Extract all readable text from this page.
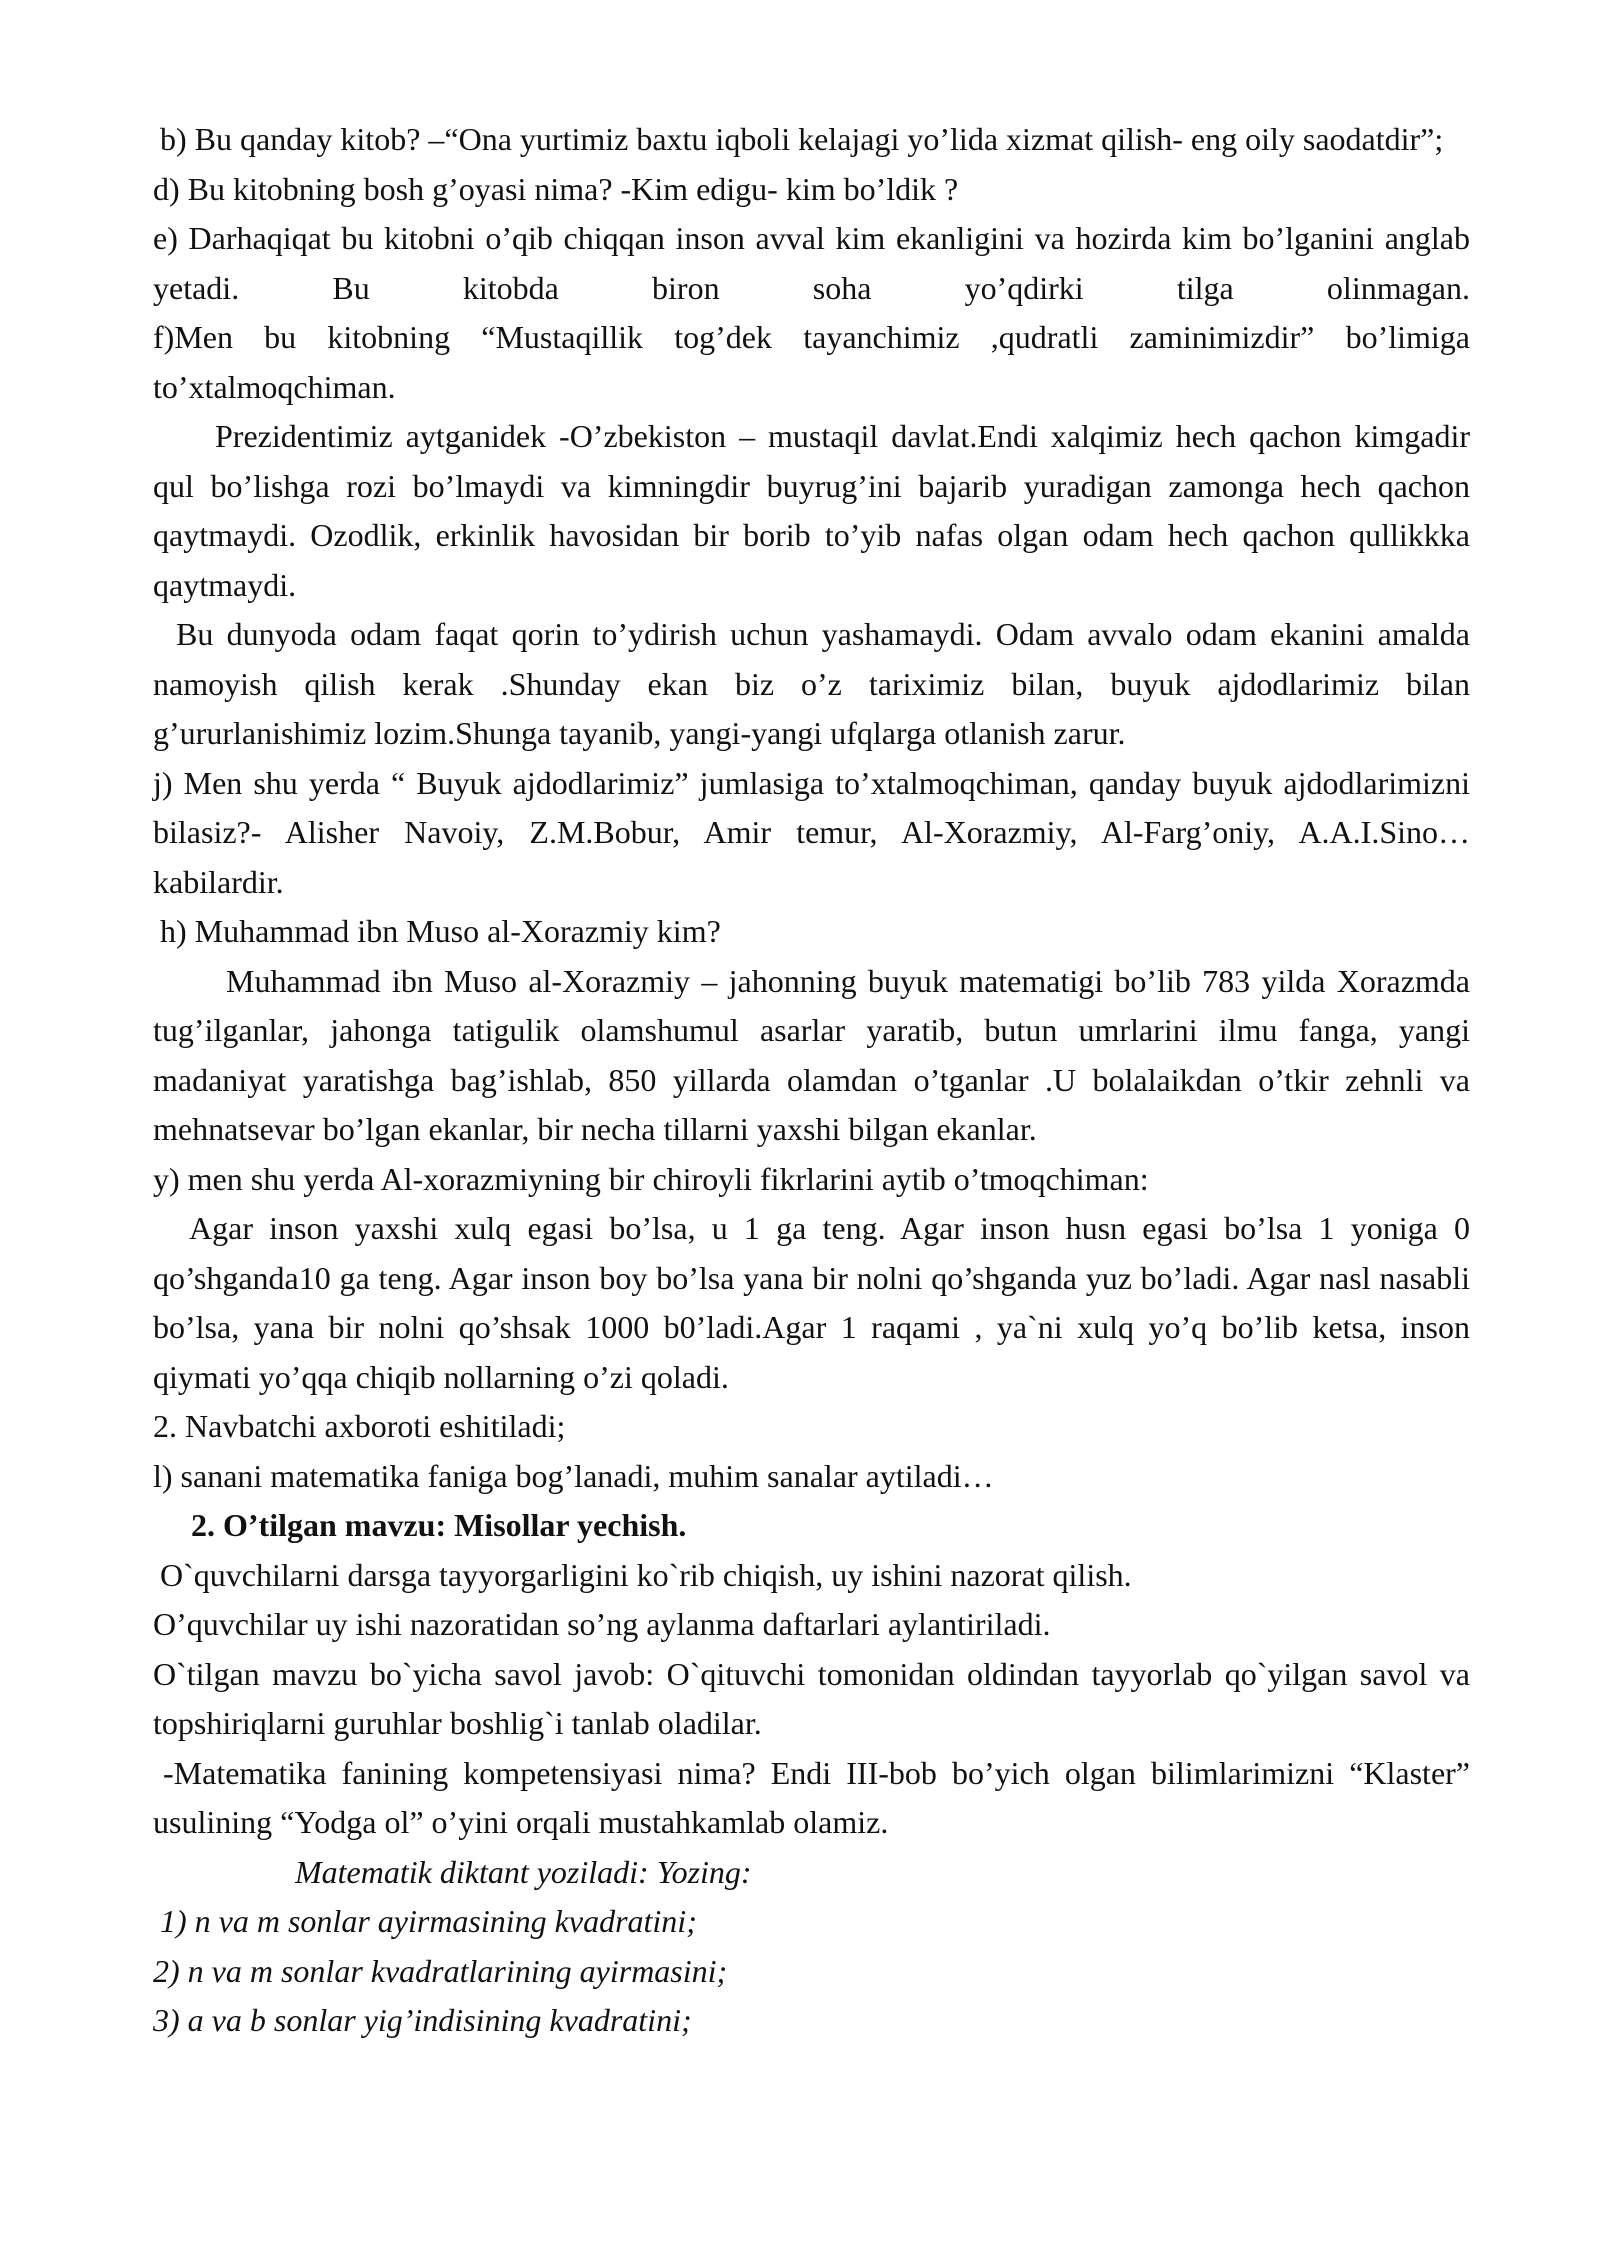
b) Bu qanday kitob? –“Ona yurtimiz baxtu iqboli kelajagi yo’lida xizmat qilish- eng oily saodatdir”;

d) Bu kitobning bosh g’oyasi nima? -Kim edigu- kim bo’ldik ?

e) Darhaqiqat bu kitobni o’qib chiqqan inson avval kim ekanligini va hozirda kim bo’lganini anglab yetadi. Bu kitobda biron soha yo’qdirki tilga olinmagan.

f)Men bu kitobning “Mustaqillik tog’dek tayanchimiz ,qudratli zaminimizdir” bo’limiga to’xtalmoqchiman.

Prezidentimiz aytganidek -O’zbekiston – mustaqil davlat.Endi xalqimiz hech qachon kimgadir qul bo’lishga rozi bo’lmaydi va kimningdir buyrug’ini bajarib yuradigan zamonga hech qachon qaytmaydi. Ozodlik, erkinlik havosidan bir borib to’yib nafas olgan odam hech qachon qullikkka qaytmaydi.

Bu dunyoda odam faqat qorin to’ydirish uchun yashamaydi. Odam avvalo odam ekanini amalda namoyish qilish kerak .Shunday ekan biz o’z tariximiz bilan, buyuk ajdodlarimiz bilan g’ururlanishimiz lozim.Shunga tayanib, yangi-yangi ufqlarga otlanish zarur.

j) Men shu yerda “ Buyuk ajdodlarimiz” jumlasiga to’xtalmoqchiman, qanday buyuk ajdodlarimizni bilasiz?- Alisher Navoiy, Z.M.Bobur, Amir temur, Al-Xorazmiy, Al-Farg’oniy, A.A.I.Sino… kabilardir.

h) Muhammad ibn Muso al-Xorazmiy kim?

Muhammad ibn Muso al-Xorazmiy – jahonning buyuk matematigi bo’lib 783 yilda Xorazmda tug’ilganlar, jahonga tatigulik olamshumul asarlar yaratib, butun umrlarini ilmu fanga, yangi madaniyat yaratishga bag’ishlab, 850 yillarda olamdan o’tganlar .U bolalaikdan o’tkir zehnli va mehnatsevar bo’lgan ekanlar, bir necha tillarni yaxshi bilgan ekanlar.

y) men shu yerda Al-xorazmiyning bir chiroyli fikrlarini aytib o’tmoqchiman:

Agar inson yaxshi xulq egasi bo’lsa, u 1 ga teng. Agar inson husn egasi bo’lsa 1 yoniga 0 qo’shganda10 ga teng. Agar inson boy bo’lsa yana bir nolni qo’shganda yuz bo’ladi. Agar nasl nasabli bo’lsa, yana bir nolni qo’shsak 1000 b0’ladi.Agar 1 raqami , ya`ni xulq yo’q bo’lib ketsa, inson qiymati yo’qqa chiqib nollarning o’zi qoladi.

2. Navbatchi axboroti eshitiladi;

l) sanani matematika faniga bog’lanadi, muhim sanalar aytiladi…

2. O’tilgan mavzu: Misollar yechish.

O`quvchilarni darsga tayyorgarligini ko`rib chiqish, uy ishini nazorat qilish.

O’quvchilar uy ishi nazoratidan so’ng aylanma daftarlari aylantiriladi.

O`tilgan mavzu bo`yicha savol javob: O`qituvchi tomonidan oldindan tayyorlab qo`yilgan savol va topshiriqlarni guruhlar boshlig`i tanlab oladilar.

-Matematika fanining kompetensiyasi nima? Endi III-bob bo’yich olgan bilimlarimizni “Klaster” usulining “Yodga ol” o’yini orqali mustahkamlab olamiz.

Matematik diktant yoziladi: Yozing:

1) n va m sonlar ayirmasining kvadratini;

2) n va m sonlar kvadratlarining ayirmasini;

3) a va b sonlar yig’indisining kvadratini;
